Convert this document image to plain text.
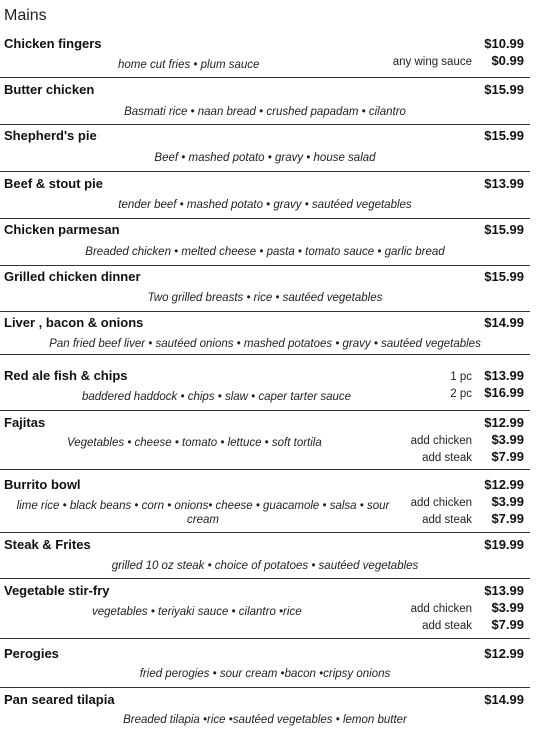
Mains
Chicken fingers	$10.99
any wing sauce	$0.99
home cut fries • plum sauce
Butter chicken	$15.99
Basmati rice • naan bread • crushed papadam • cilantro
Shepherd's pie	$15.99
Beef • mashed potato • gravy • house salad
Beef & stout pie	$13.99
tender beef • mashed potato • gravy • sautéed vegetables
Chicken parmesan	$15.99
Breaded chicken • melted cheese • pasta • tomato sauce • garlic bread
Grilled chicken dinner	$15.99
Two grilled breasts • rice • sautéed vegetables
Liver , bacon & onions	$14.99
Pan fried beef liver • sautéed onions • mashed potatoes • gravy • sautéed vegetables
Red ale fish & chips	1 pc $13.99
2 pc $16.99
baddered haddock • chips • slaw • caper tarter sauce
Fajitas	$12.99
add chicken	$3.99
add steak	$7.99
Vegetables • cheese • tomato • lettuce • soft tortila
Burrito bowl	$12.99
add chicken	$3.99
add steak	$7.99
lime rice • black beans • corn • onions• cheese • guacamole • salsa • sour cream
Steak & Frites	$19.99
grilled 10 oz steak • choice of potatoes • sautéed vegetables
Vegetable stir-fry	$13.99
add chicken	$3.99
add steak	$7.99
vegetables • teriyaki sauce • cilantro •rice
Perogies	$12.99
fried perogies • sour cream •bacon •cripsy onions
Pan seared tilapia	$14.99
Breaded tilapia •rice •sautéed vegetables • lemon butter
